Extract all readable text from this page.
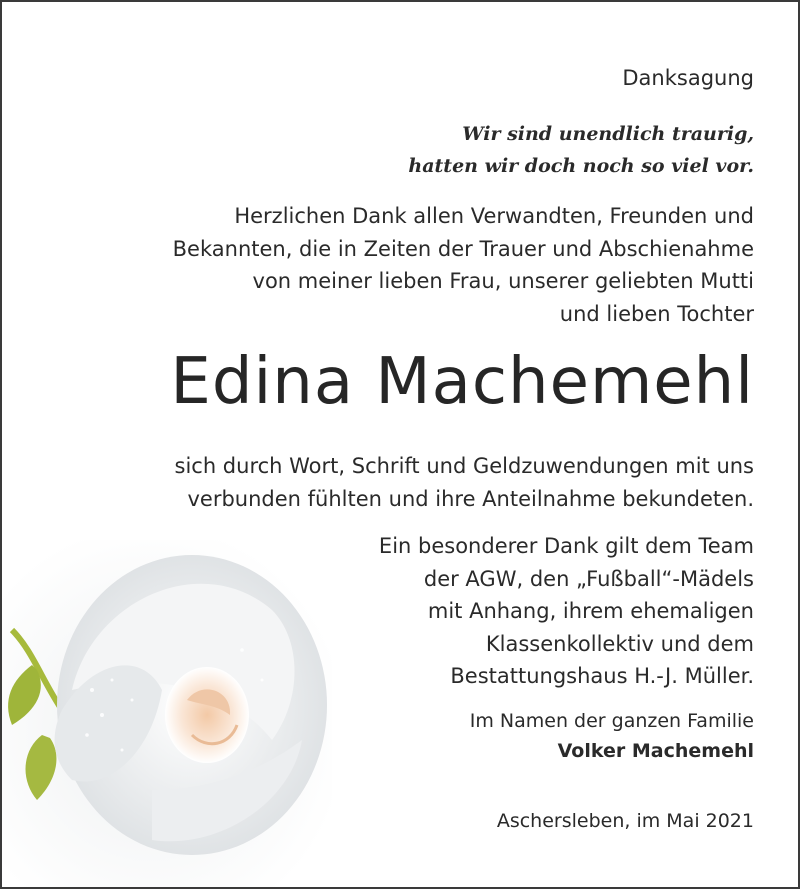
Danksagung

Wir sind unendlich traurig,
hatten wir doch noch so viel vor.
Herzlichen Dank allen Verwandten, Freunden und
Bekannten, die in Zeiten der Trauer und Abschienahme
von meiner lieben Frau, unserer geliebten Mutti
und lieben Tochter

Edina Machemehl

sich durch Wort, Schrift und Geldzuwendungen mit uns
verbunden fühlten und ihre Anteilnahme bekundeten.
Ein besonderer Dank gilt dem Team
der AGW, den „Fußball“-Mädels
mit Anhang, ihrem ehemaligen
Klassenkollektiv und dem
Bestattungshaus H.-J. Müller.
Im Namen der ganzen Familie
Volker Machemehl

Aschersleben, im Mai 2021
